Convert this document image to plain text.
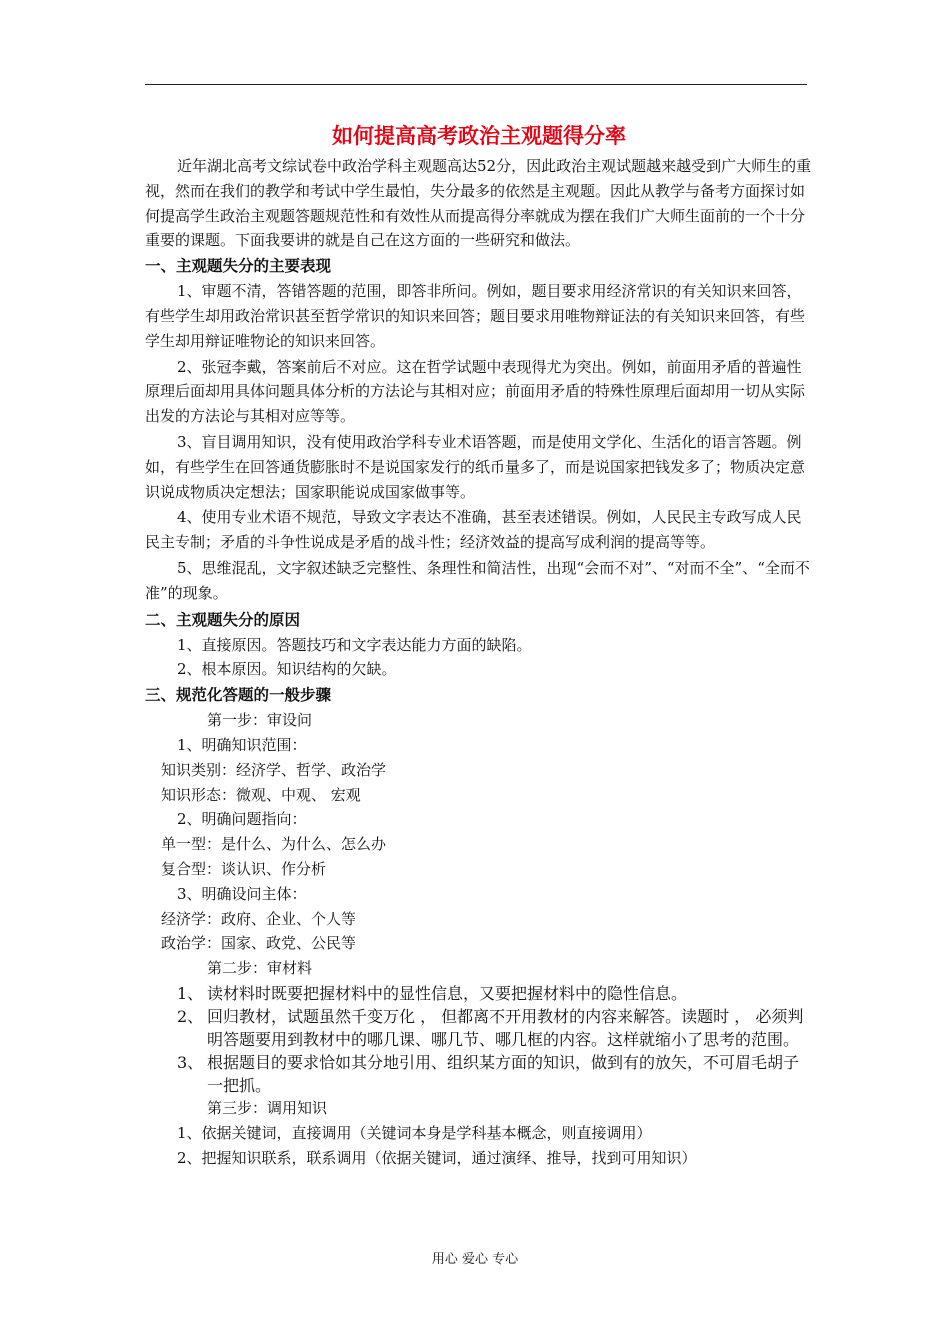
如何提高高考政治主观题得分率

近年湖北高考文综试卷中政治学科主观题高达52分，因此政治主观试题越来越受到广大师生的重视，然而在我们的教学和考试中学生最怕，失分最多的依然是主观题。因此从教学与备考方面探讨如何提高学生政治主观题答题规范性和有效性从而提高得分率就成为摆在我们广大师生面前的一个十分重要的课题。下面我要讲的就是自己在这方面的一些研究和做法。

一、主观题失分的主要表现

1、审题不清，答错答题的范围，即答非所问。例如，题目要求用经济常识的有关知识来回答，有些学生却用政治常识甚至哲学常识的知识来回答；题目要求用唯物辩证法的有关知识来回答，有些学生却用辩证唯物论的知识来回答。

2、张冠李戴，答案前后不对应。这在哲学试题中表现得尤为突出。例如，前面用矛盾的普遍性原理后面却用具体问题具体分析的方法论与其相对应；前面用矛盾的特殊性原理后面却用一切从实际出发的方法论与其相对应等等。

3、盲目调用知识，没有使用政治学科专业术语答题，而是使用文学化、生活化的语言答题。例如，有些学生在回答通货膨胀时不是说国家发行的纸币量多了，而是说国家把钱发多了；物质决定意识说成物质决定想法；国家职能说成国家做事等。

4、使用专业术语不规范，导致文字表达不准确，甚至表述错误。例如，人民民主专政写成人民民主专制；矛盾的斗争性说成是矛盾的战斗性；经济效益的提高写成利润的提高等等。

5、思维混乱，文字叙述缺乏完整性、条理性和简洁性，出现“会而不对”、“对而不全”、“全而不准”的现象。

二、主观题失分的原因

1、直接原因。答题技巧和文字表达能力方面的缺陷。

2、根本原因。知识结构的欠缺。

三、规范化答题的一般步骤

第一步：审设问

1、明确知识范围：

知识类别：经济学、哲学、政治学

知识形态：微观、中观、 宏观

2、明确问题指向：

单一型：是什么、为什么、怎么办

复合型：谈认识、作分析

3、明确设问主体：

经济学：政府、企业、个人等

政治学：国家、政党、公民等

第二步：审材料

1、 读材料时既要把握材料中的显性信息，又要把握材料中的隐性信息。
2、 回归教材，试题虽然千变万化 ， 但都离不开用教材的内容来解答。读题时 ， 必须判明答题要用到教材中的哪几课、哪几节、哪几框的内容。这样就缩小了思考的范围。
3、 根据题目的要求恰如其分地引用、组织某方面的知识，做到有的放矢，不可眉毛胡子一把抓。

第三步：调用知识

1、依据关键词，直接调用（关键词本身是学科基本概念，则直接调用）

2、把握知识联系，联系调用（依据关键词，通过演绎、推导，找到可用知识）

用心 爱心 专心
